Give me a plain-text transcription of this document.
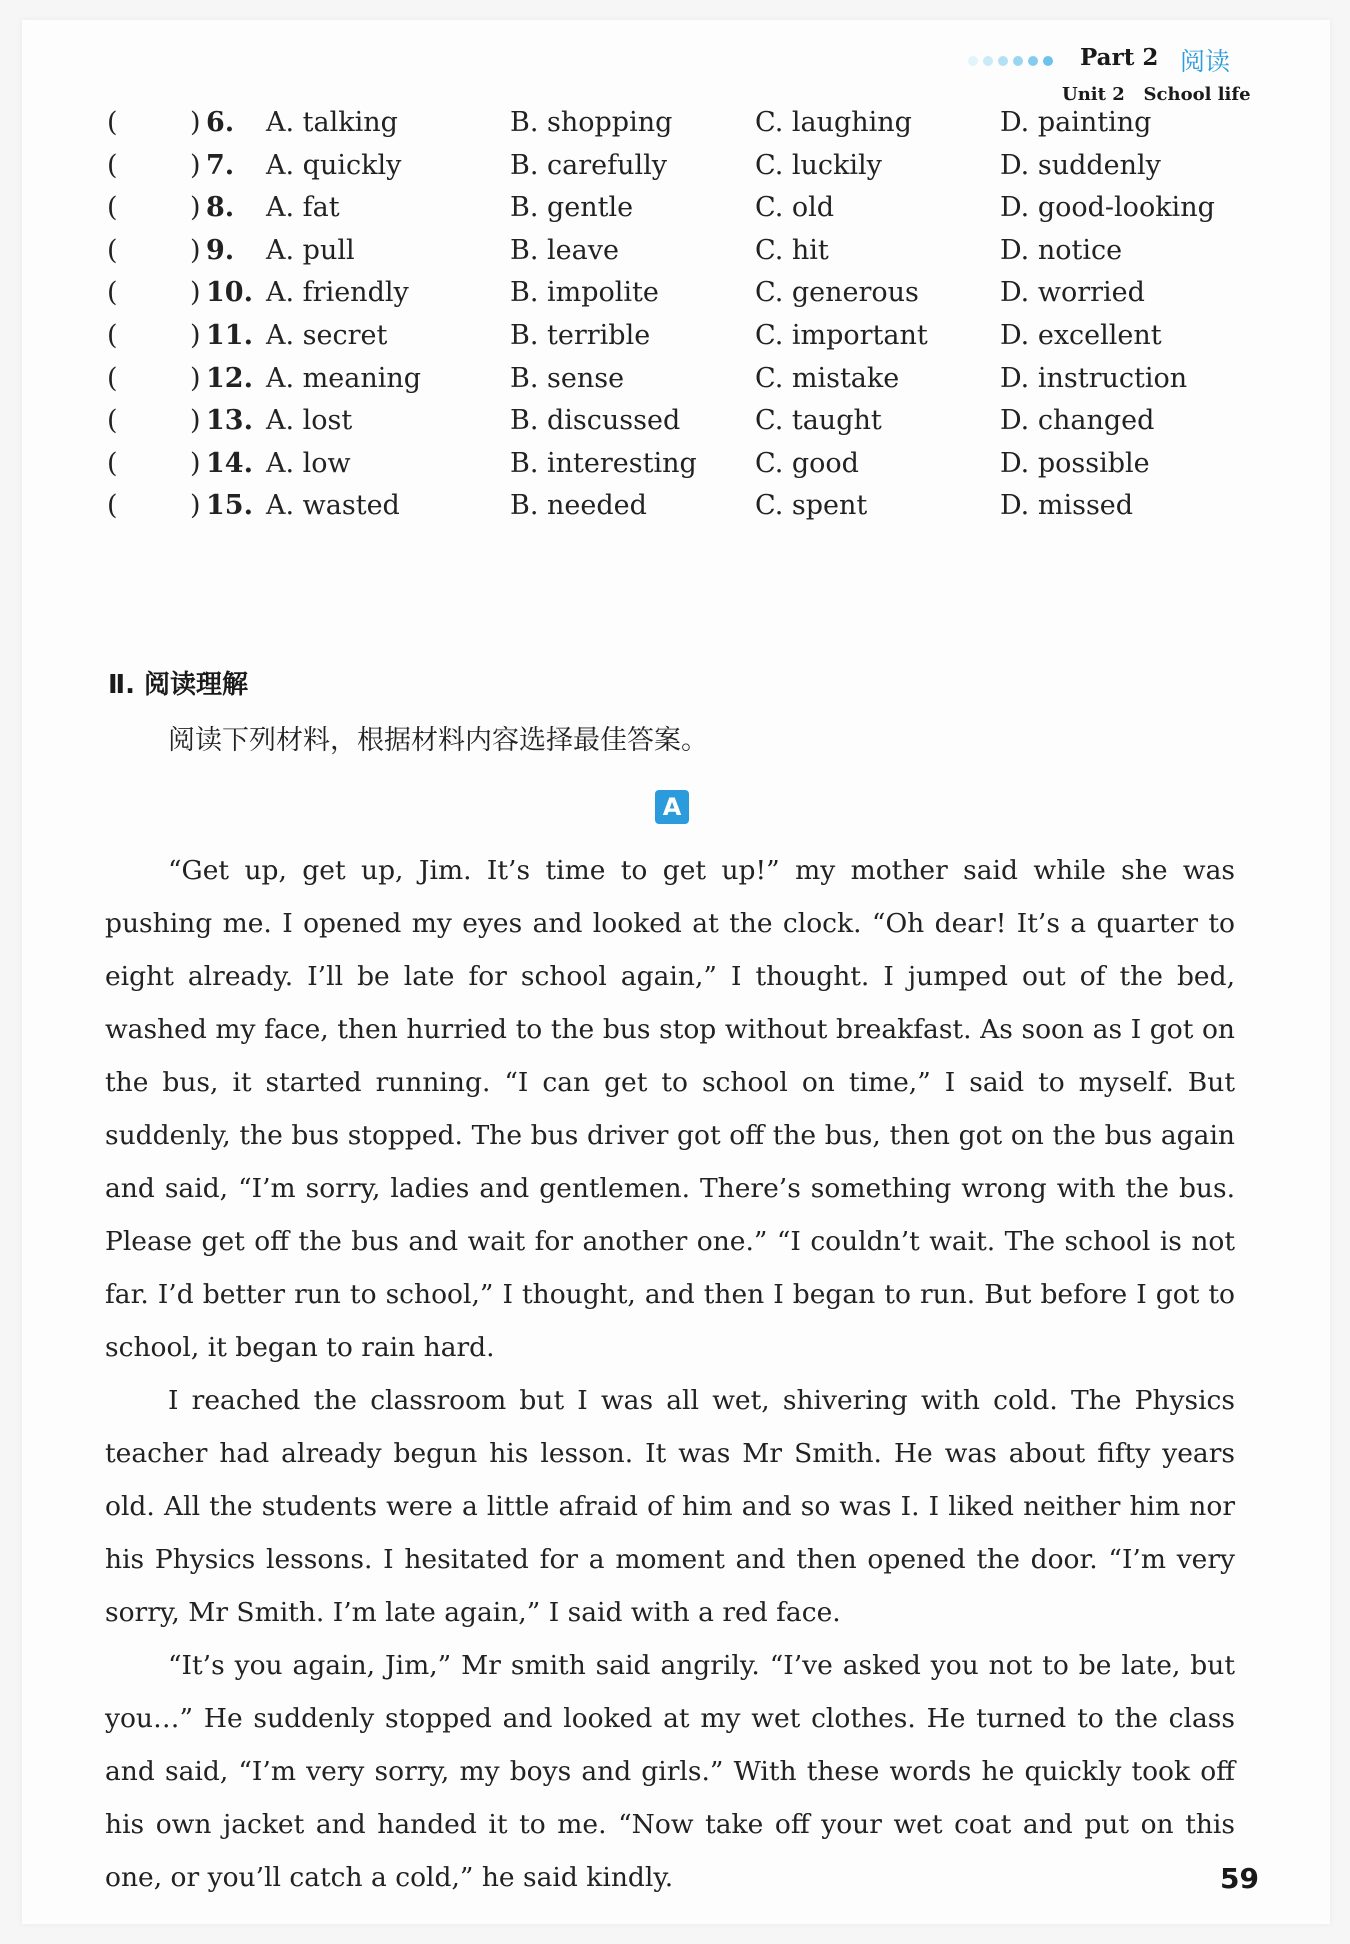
Part 2 阅读
Unit 2 School life
(	) 6. A. talking	B. shopping	C. laughing	D. painting
(	) 7. A. quickly	B. carefully	C. luckily	D. suddenly
(	) 8. A. fat	B. gentle	C. old	D. good-looking
(	) 9. A. pull	B. leave	C. hit	D. notice
(	) 10. A. friendly	B. impolite	C. generous	D. worried
(	) 11. A. secret	B. terrible	C. important	D. excellent
(	) 12. A. meaning	B. sense	C. mistake	D. instruction
(	) 13. A. lost	B. discussed	C. taught	D. changed
(	) 14. A. low	B. interesting C. good	D. possible
(	) 15. A. wasted	B. needed	C. spent	D. missed
Ⅱ. 阅读理解
阅读下列材料，根据材料内容选择最佳答案。
A

“Get up, get up, Jim. It’s time to get up!” my mother said while she was pushing me. I opened my eyes and looked at the clock. “Oh dear! It’s a quarter to eight already. I’ll be late for school again,” I thought. I jumped out of the bed, washed my face, then hurried to the bus stop without breakfast. As soon as I got on the bus, it started running. “I can get to school on time,” I said to myself. But suddenly, the bus stopped. The bus driver got off the bus, then got on the bus again and said, “I’m sorry, ladies and gentlemen. There’s something wrong with the bus. Please get off the bus and wait for another one.” “I couldn’t wait. The school is not far. I’d better run to school,” I thought, and then I began to run. But before I got to school, it began to rain hard.

I reached the classroom but I was all wet, shivering with cold. The Physics teacher had already begun his lesson. It was Mr Smith. He was about fifty years old. All the students were a little afraid of him and so was I. I liked neither him nor his Physics lessons. I hesitated for a moment and then opened the door. “I’m very sorry, Mr Smith. I’m late again,” I said with a red face.

“It’s you again, Jim,” Mr smith said angrily. “I’ve asked you not to be late, but you…” He suddenly stopped and looked at my wet clothes. He turned to the class and said, “I’m very sorry, my boys and girls.” With these words he quickly took off his own jacket and handed it to me. “Now take off your wet coat and put on this one, or you’ll catch a cold,” he said kindly.	59
